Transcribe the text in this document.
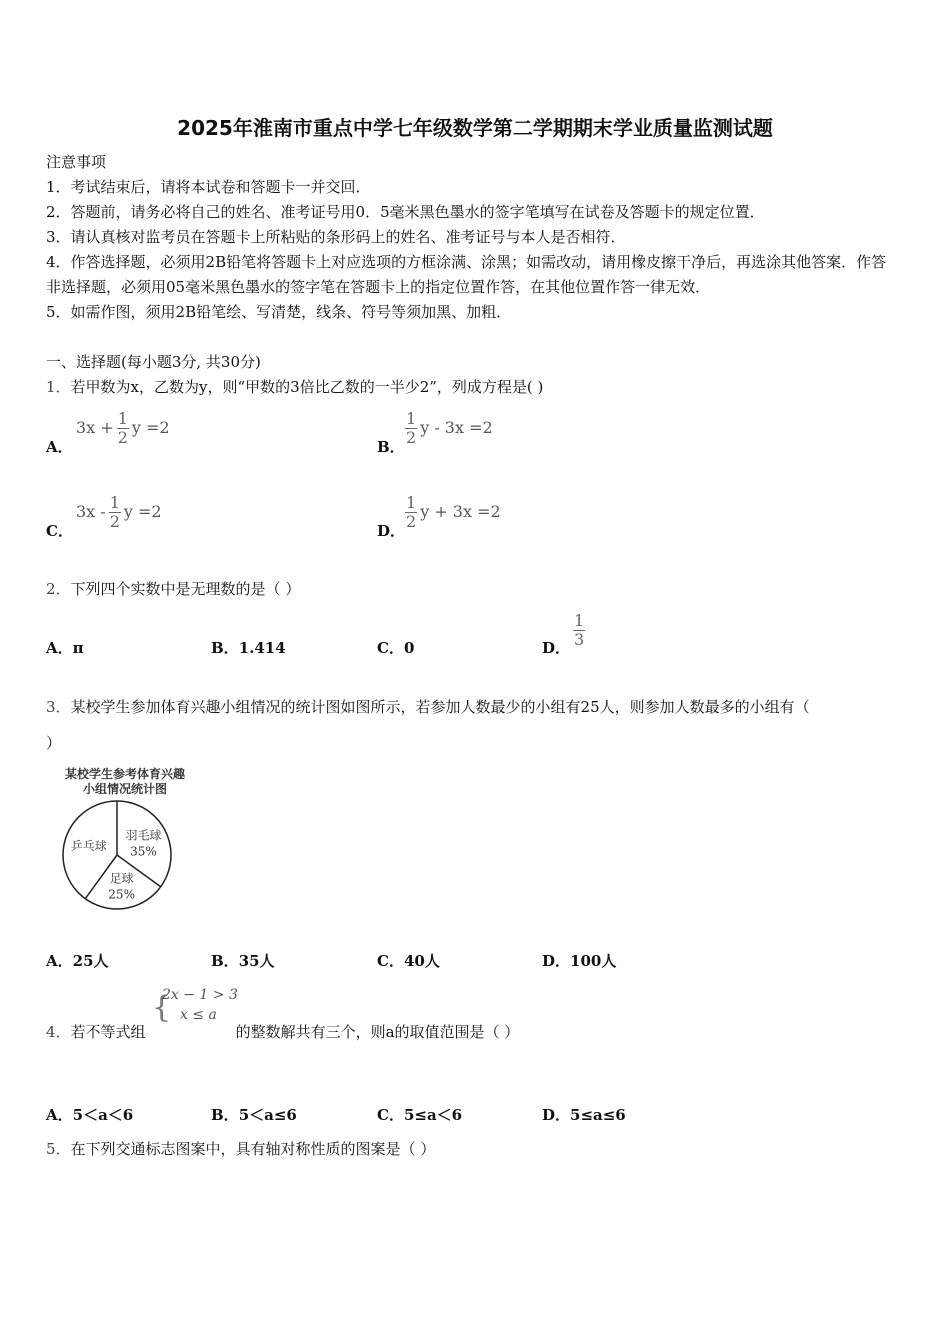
2025年淮南市重点中学七年级数学第二学期期末学业质量监测试题
注意事项
1．考试结束后，请将本试卷和答题卡一并交回．
2．答题前，请务必将自己的姓名、准考证号用0．5毫米黑色墨水的签字笔填写在试卷及答题卡的规定位置．
3．请认真核对监考员在答题卡上所粘贴的条形码上的姓名、准考证号与本人是否相符．
4．作答选择题，必须用2B铅笔将答题卡上对应选项的方框涂满、涂黑；如需改动，请用橡皮擦干净后，再选涂其他答案．作答非选择题，必须用05毫米黑色墨水的签字笔在答题卡上的指定位置作答，在其他位置作答一律无效．
5．如需作图，须用2B铅笔绘、写清楚，线条、符号等须加黑、加粗．
一、选择题(每小题3分, 共30分)
1．若甲数为x，乙数为y，则“甲数的3倍比乙数的一半少2”，列成方程是( )
A．
$3x + \frac{1}{2}$ y =2
B． $\frac{1}{2}$ y - 3x =2
C．
$3x - \frac{1}{2}$ y =2
D． $\frac{1}{2}$ y + 3x =2
2．下列四个实数中是无理数的是（ ）
A．π	B．1.414	C．0	D． $\frac{1}{3}$
3．某校学生参加体育兴趣小组情况的统计图如图所示，若参加人数最少的小组有25人，则参加人数最多的小组有（
）
某校学生参考体育兴趣
小组情况统计图
乒乓球
羽毛球
35%
足球
25%
A．25人	B．35人	C．40人	D．100人
{
2x − 1 > 3
x ≤ a
4．若不等式组	的整数解共有三个，则a的取值范围是（ ）
A．5＜a＜6	B．5＜a≤6	C．5≤a＜6	D．5≤a≤6
5．在下列交通标志图案中，具有轴对称性质的图案是（ ）
